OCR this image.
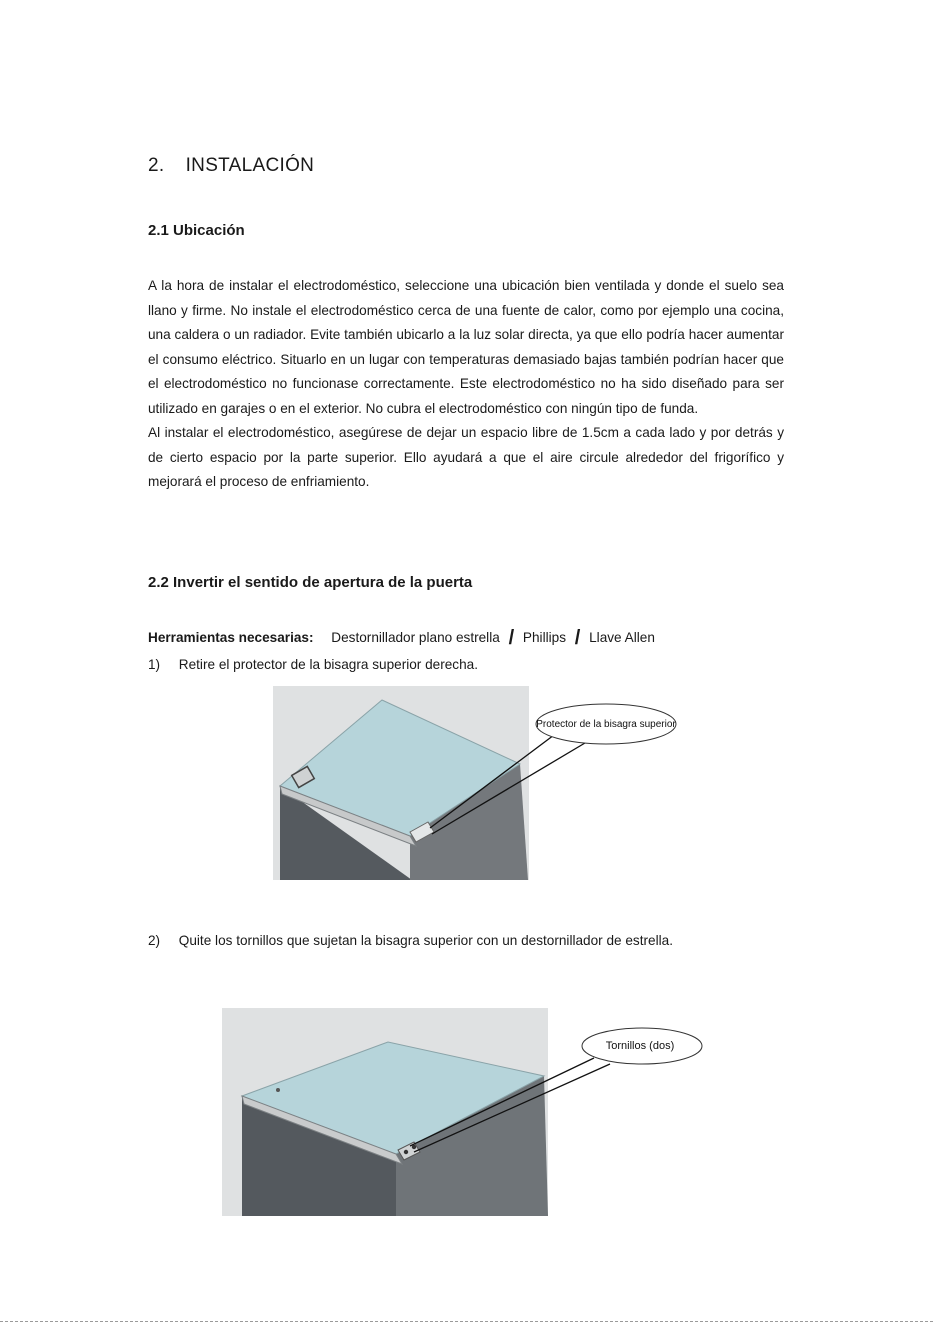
2. INSTALACIÓN
2.1 Ubicación

A la hora de instalar el electrodoméstico, seleccione una ubicación bien ventilada y donde el suelo sea llano y firme. No instale el electrodoméstico cerca de una fuente de calor, como por ejemplo una cocina, una caldera o un radiador. Evite también ubicarlo a la luz solar directa, ya que ello podría hacer aumentar el consumo eléctrico. Situarlo en un lugar con temperaturas demasiado bajas también podrían hacer que el electrodoméstico no funcionase correctamente. Este electrodoméstico no ha sido diseñado para ser utilizado en garajes o en el exterior. No cubra el electrodoméstico con ningún tipo de funda.

Al instalar el electrodoméstico, asegúrese de dejar un espacio libre de 1.5cm a cada lado y por detrás y de cierto espacio por la parte superior. Ello ayudará a que el aire circule alrededor del frigorífico y mejorará el proceso de enfriamiento.

2.2 Invertir el sentido de apertura de la puerta
Herramientas necesarias: Destornillador plano estrella / Phillips / Llave Allen
1) Retire el protector de la bisagra superior derecha.
Protector de la bisagra superior
2) Quite los tornillos que sujetan la bisagra superior con un destornillador de estrella.
Tornillos (dos)
